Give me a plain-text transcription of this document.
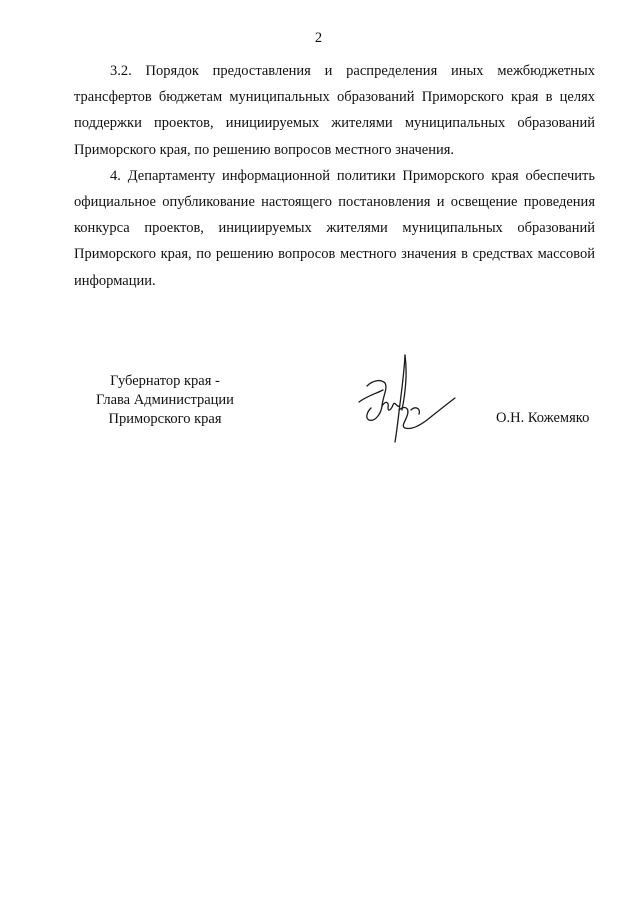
2

3.2. Порядок предоставления и распределения иных межбюджетных трансфертов бюджетам муниципальных образований Приморского края в целях поддержки проектов, инициируемых жителями муниципальных образований Приморского края, по решению вопросов местного значения.

4. Департаменту информационной политики Приморского края обеспечить официальное опубликование настоящего постановления и освещение проведения конкурса проектов, инициируемых жителями муниципальных образований Приморского края, по решению вопросов местного значения в средствах массовой информации.

Губернатор края -
Глава Администрации
Приморского края	О.Н. Кожемяко
